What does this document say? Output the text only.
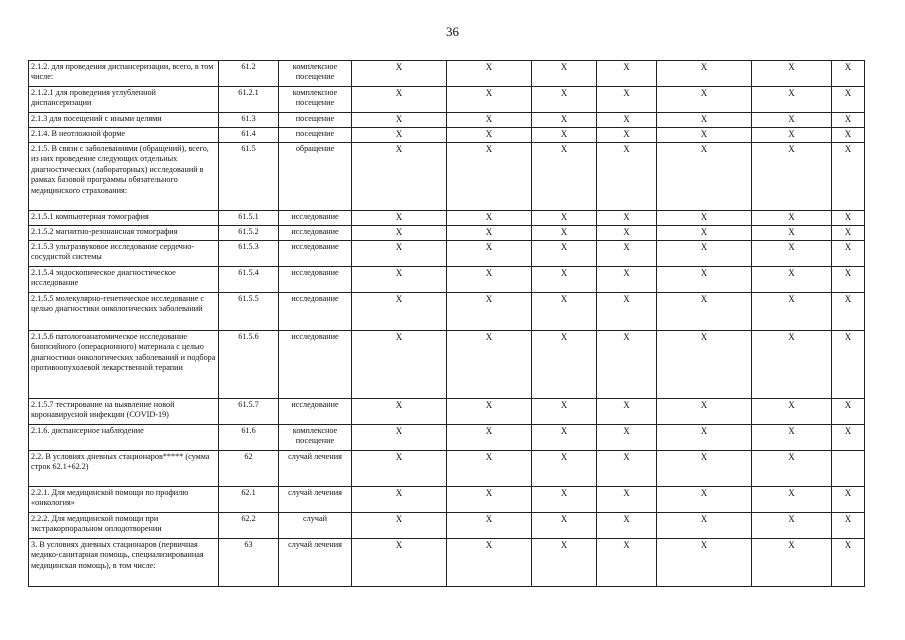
36
2.1.2. для проведения диспансеризации, всего, в том числе:	61.2	комплексное посещение	X	X	X	X	X	X	X
2.1.2.1 для проведения углубленной диспансеризации	61.2.1	комплексное посещение	X	X	X	X	X	X	X
2.1.3 для посещений с иными целями	61.3	посещение	X	X	X	X	X	X	X
2.1.4. В неотложной форме	61.4	посещение	X	X	X	X	X	X	X
2.1.5. В связи с заболеваниями (обращений), всего, из них проведение следующих отдельных диагностических (лабораторных) исследований в рамках базовой программы обязательного медицинского страхования:	61.5	обращение	X	X	X	X	X	X	X
2.1.5.1 компьютерная томография	61.5.1	исследование	X	X	X	X	X	X	X
2.1.5.2 магнитно-резонансная томография	61.5.2	исследование	X	X	X	X	X	X	X
2.1.5.3 ультразвуковое исследование сердечно-сосудистой системы	61.5.3	исследование	X	X	X	X	X	X	X
2.1.5.4 эндоскопическое диагностическое исследование	61.5.4	исследование	X	X	X	X	X	X	X
2.1.5.5 молекулярно-генетическое исследование с целью диагностики онкологических заболеваний	61.5.5	исследование	X	X	X	X	X	X	X
2.1.5.6 патологоанатомическое исследование биопсийного (операционного) материала с целью диагностики онкологических заболеваний и подбора противоопухолевой лекарственной терапии	61.5.6	исследование	X	X	X	X	X	X	X
2.1.5.7 тестирование на выявление новой коронавирусной инфекции (COVID-19)	61.5.7	исследование	X	X	X	X	X	X	X
2.1.6. диспансерное наблюдение	61.6	комплексное посещение	X	X	X	X	X	X	X
2.2. В условиях дневных стационаров***** (сумма строк 62.1+62.2)	62	случай лечения	X	X	X	X	X	X	
2.2.1. Для медицинской помощи по профилю «онкология»	62.1	случай лечения	X	X	X	X	X	X	X
2.2.2. Для медицинской помощи при экстракорпоральном оплодотворении	62.2	случай	X	X	X	X	X	X	X
3. В условиях дневных стационаров (первичная медико-санитарная помощь, специализированная медицинская помощь), в том числе:	63	случай лечения	X	X	X	X	X	X	X
